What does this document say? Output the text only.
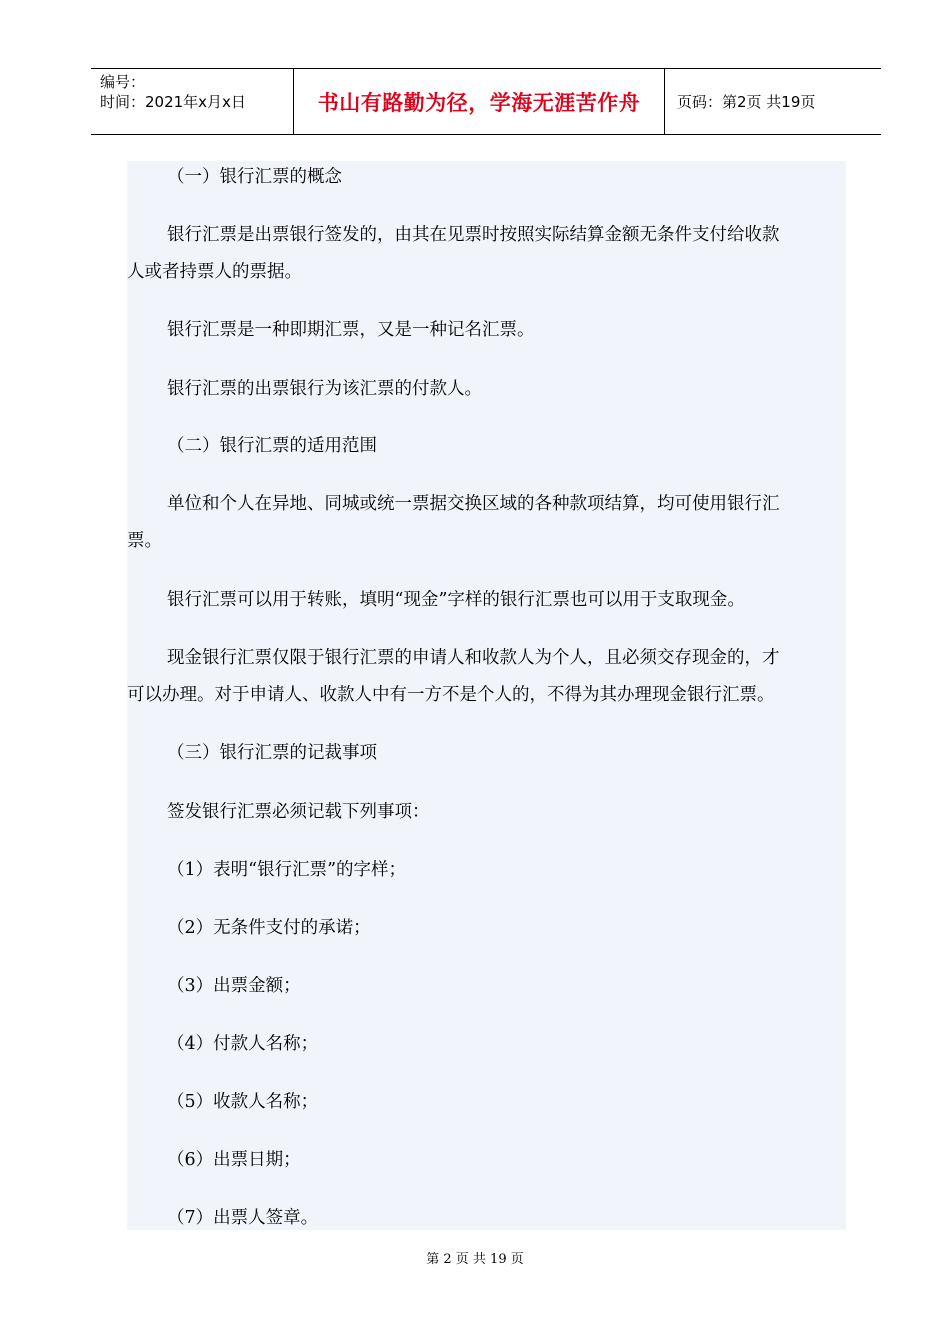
编号：
时间：2021年x月x日	书山有路勤为径，学海无涯苦作舟 页码：第2页 共19页
（一）银行汇票的概念
银行汇票是出票银行签发的，由其在见票时按照实际结算金额无条件支付给收款
人或者持票人的票据。
银行汇票是一种即期汇票，又是一种记名汇票。
银行汇票的出票银行为该汇票的付款人。
（二）银行汇票的适用范围
单位和个人在异地、同城或统一票据交换区域的各种款项结算，均可使用银行汇
票。
银行汇票可以用于转账，填明“现金”字样的银行汇票也可以用于支取现金。
现金银行汇票仅限于银行汇票的申请人和收款人为个人，且必须交存现金的，才
可以办理。对于申请人、收款人中有一方不是个人的，不得为其办理现金银行汇票。
（三）银行汇票的记裁事项
签发银行汇票必须记载下列事项：
（1）表明“银行汇票”的字样；
（2）无条件支付的承诺；
（3）出票金额；
（4）付款人名称；
（5）收款人名称；
（6）出票日期；
（7）出票人签章。
第 2 页 共 19 页
